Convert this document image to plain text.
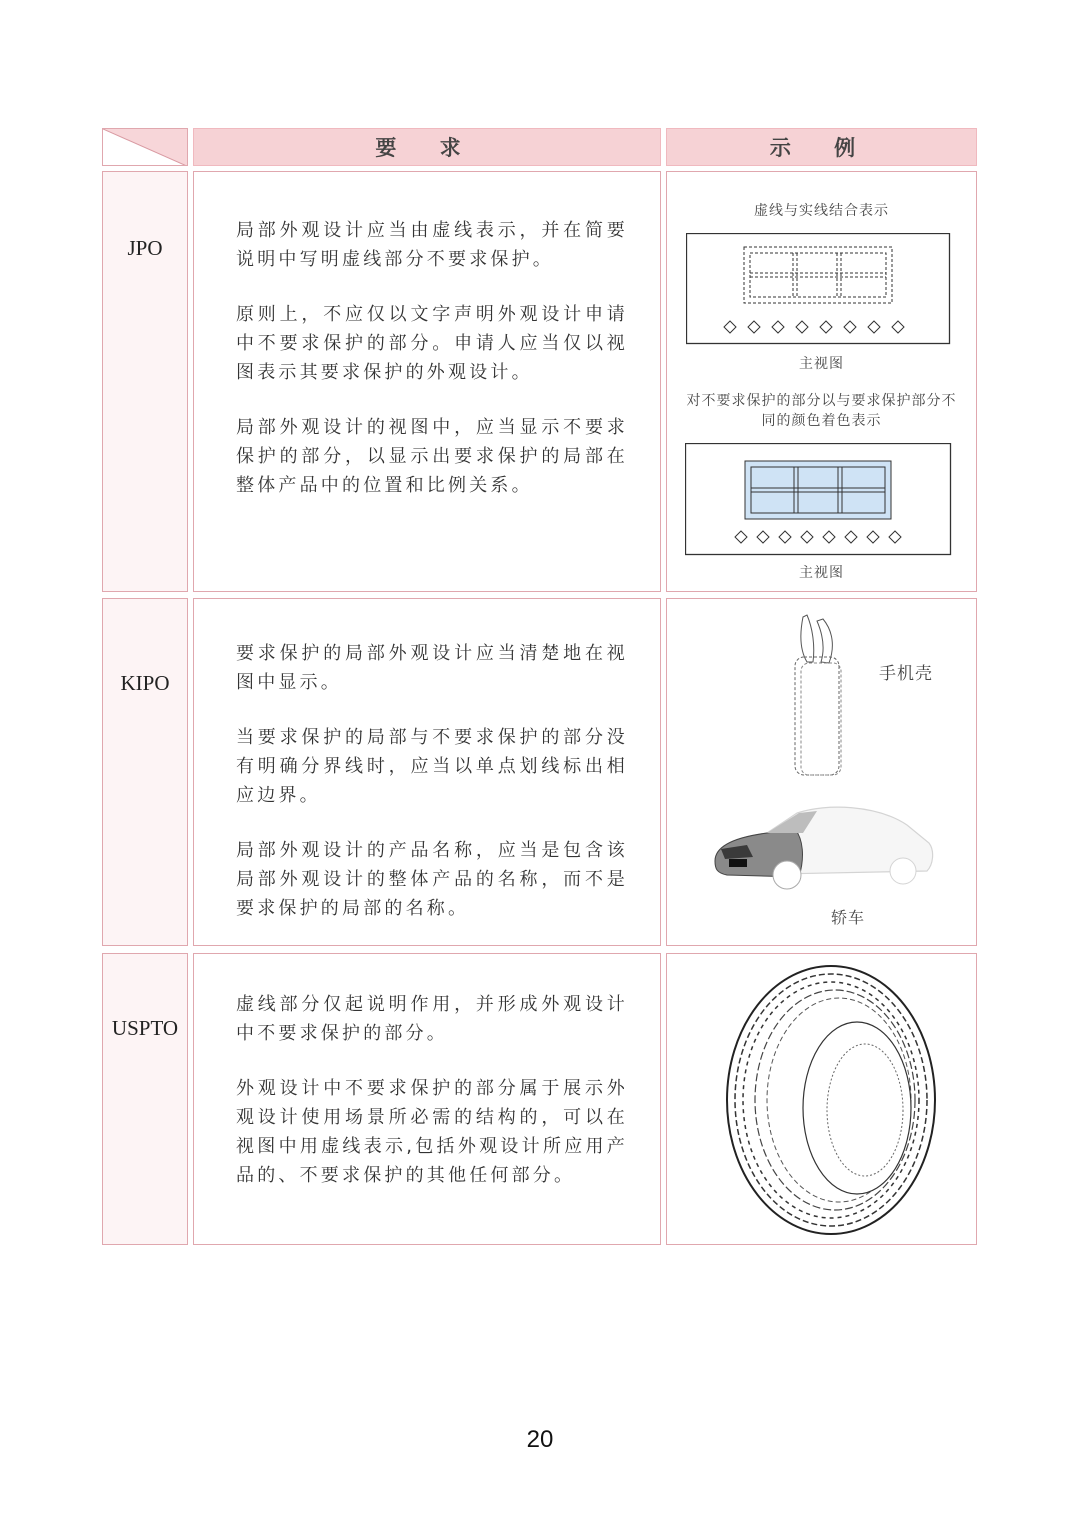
要 求	示 例
JPO

局部外观设计应当由虚线表示，并在简要说明中写明虚线部分不要求保护。

原则上，不应仅以文字声明外观设计申请中不要求保护的部分。申请人应当仅以视图表示其要求保护的外观设计。

局部外观设计的视图中，应当显示不要求保护的部分，以显示出要求保护的局部在整体产品中的位置和比例关系。

虚线与实线结合表示
主视图
对不要求保护的部分以与要求保护部分不同的颜色着色表示
主视图
KIPO

要求保护的局部外观设计应当清楚地在视图中显示。

当要求保护的局部与不要求保护的部分没有明确分界线时，应当以单点划线标出相应边界。

局部外观设计的产品名称，应当是包含该局部外观设计的整体产品的名称，而不是要求保护的局部的名称。

手机壳
轿车
USPTO

虚线部分仅起说明作用，并形成外观设计中不要求保护的部分。

外观设计中不要求保护的部分属于展示外观设计使用场景所必需的结构的，可以在视图中用虚线表示,包括外观设计所应用产品的、不要求保护的其他任何部分。

20
